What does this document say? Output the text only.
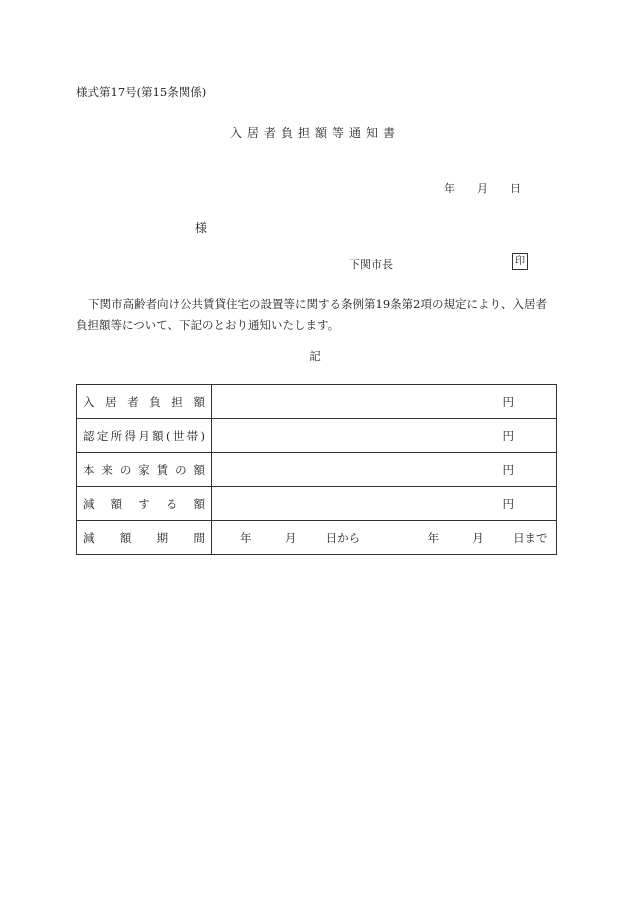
様式第17号(第15条関係)
入居者負担額等通知書
年 月 日
様
下関市長	印
下関市高齢者向け公共賃貸住宅の設置等に関する条例第19条第2項の規定により、入居者負担額等について、下記のとおり通知いたします。
記
入居者負担額	円

認定所得月額(世帯)	円

本来の家賃の額	円

減額する額	円

減額期間	年 月 日から 年 月 日まで
